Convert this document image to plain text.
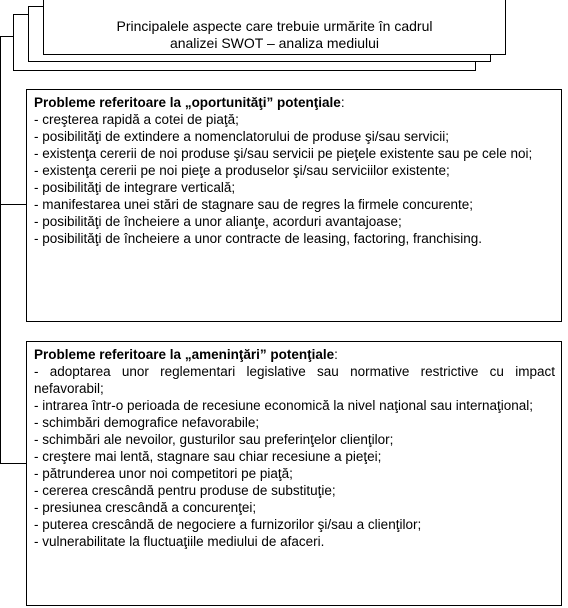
Principalele aspecte care trebuie urmărite în cadrul
analizei SWOT – analiza mediului
Probleme referitoare la „oportunităţi” potenţiale:
- creşterea rapidă a cotei de piaţă;
- posibilităţi de extindere a nomenclatorului de produse şi/sau servicii;
- existenţa cererii de noi produse şi/sau servicii pe pieţele existente sau pe cele noi;
- existenţa cererii pe noi pieţe a produselor şi/sau serviciilor existente;
- posibilităţi de integrare verticală;
- manifestarea unei stări de stagnare sau de regres la firmele concurente;
- posibilităţi de încheiere a unor alianţe, acorduri avantajoase;
- posibilităţi de încheiere a unor contracte de leasing, factoring, franchising.
Probleme referitoare la „ameninţări” potenţiale:
- adoptarea unor reglementari legislative sau normative restrictive cu impact nefavorabil;
- intrarea într-o perioada de recesiune economică la nivel naţional sau internaţional;
- schimbări demografice nefavorabile;
- schimbări ale nevoilor, gusturilor sau preferinţelor clienţilor;
- creştere mai lentă, stagnare sau chiar recesiune a pieţei;
- pătrunderea unor noi competitori pe piaţă;
- cererea crescândă pentru produse de substituţie;
- presiunea crescândă a concurenţei;
- puterea crescândă de negociere a furnizorilor şi/sau a clienţilor;
- vulnerabilitate la fluctuaţiile mediului de afaceri.
